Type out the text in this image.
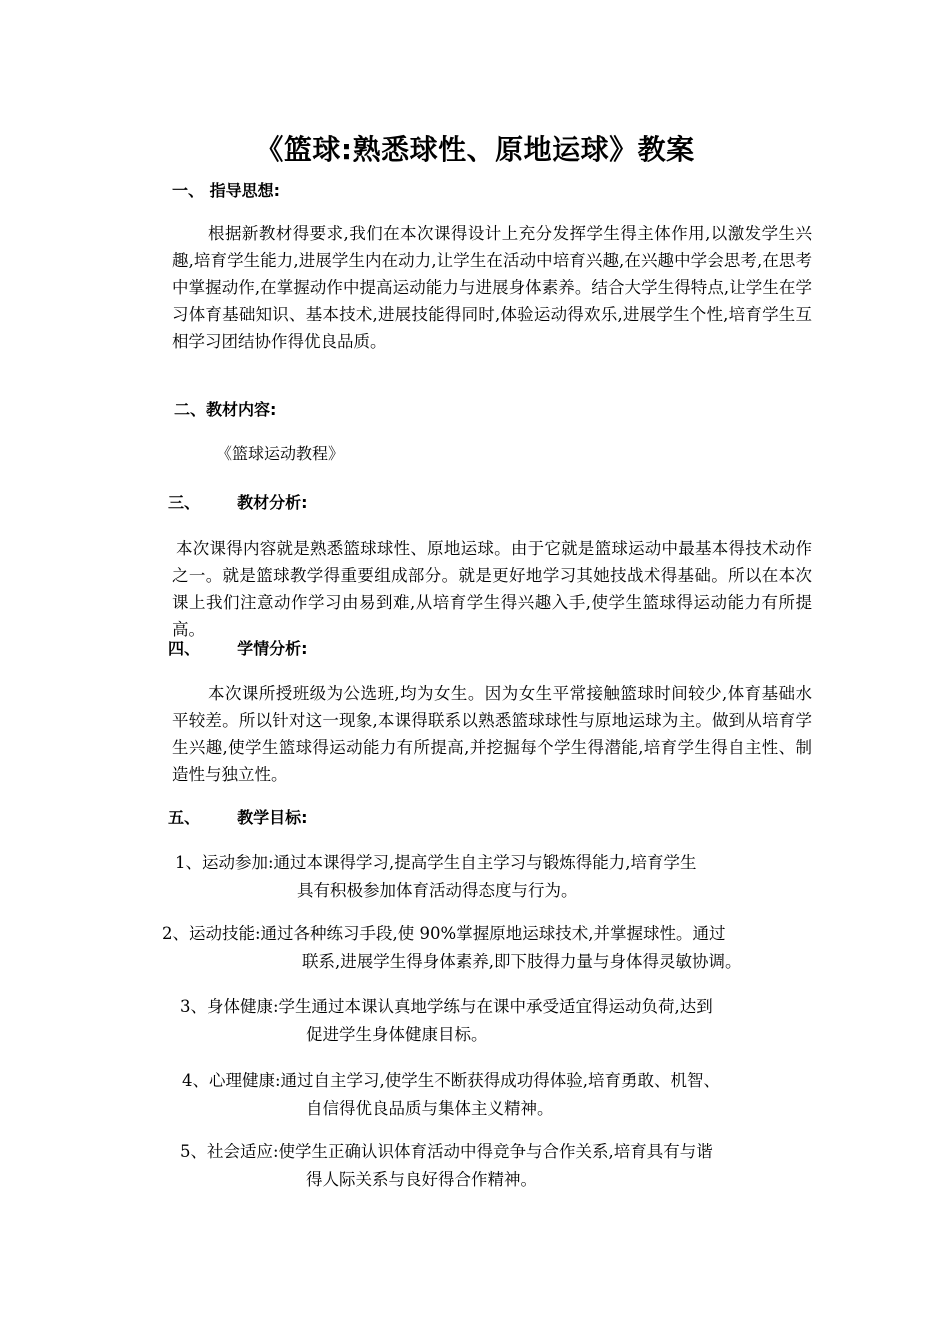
《篮球:熟悉球性、原地运球》教案
一、 指导思想:
根据新教材得要求,我们在本次课得设计上充分发挥学生得主体作用,以激发学生兴趣,培育学生能力,进展学生内在动力,让学生在活动中培育兴趣,在兴趣中学会思考,在思考中掌握动作,在掌握动作中提高运动能力与进展身体素养。结合大学生得特点,让学生在学习体育基础知识、基本技术,进展技能得同时,体验运动得欢乐,进展学生个性,培育学生互相学习团结协作得优良品质。
二、教材内容:
《篮球运动教程》
三、 教材分析:
本次课得内容就是熟悉篮球球性、原地运球。由于它就是篮球运动中最基本得技术动作之一。就是篮球教学得重要组成部分。就是更好地学习其她技战术得基础。所以在本次课上我们注意动作学习由易到难,从培育学生得兴趣入手,使学生篮球得运动能力有所提高。
四、 学情分析:
本次课所授班级为公选班,均为女生。因为女生平常接触篮球时间较少,体育基础水平较差。所以针对这一现象,本课得联系以熟悉篮球球性与原地运球为主。做到从培育学生兴趣,使学生篮球得运动能力有所提高,并挖掘每个学生得潜能,培育学生得自主性、制造性与独立性。
五、 教学目标:
1、运动参加:通过本课得学习,提高学生自主学习与锻炼得能力,培育学生
具有积极参加体育活动得态度与行为。
2、运动技能:通过各种练习手段,使 90%掌握原地运球技术,并掌握球性。通过
联系,进展学生得身体素养,即下肢得力量与身体得灵敏协调。
3、身体健康:学生通过本课认真地学练与在课中承受适宜得运动负荷,达到
促进学生身体健康目标。
4、心理健康:通过自主学习,使学生不断获得成功得体验,培育勇敢、机智、
自信得优良品质与集体主义精神。
5、社会适应:使学生正确认识体育活动中得竞争与合作关系,培育具有与谐
得人际关系与良好得合作精神。
